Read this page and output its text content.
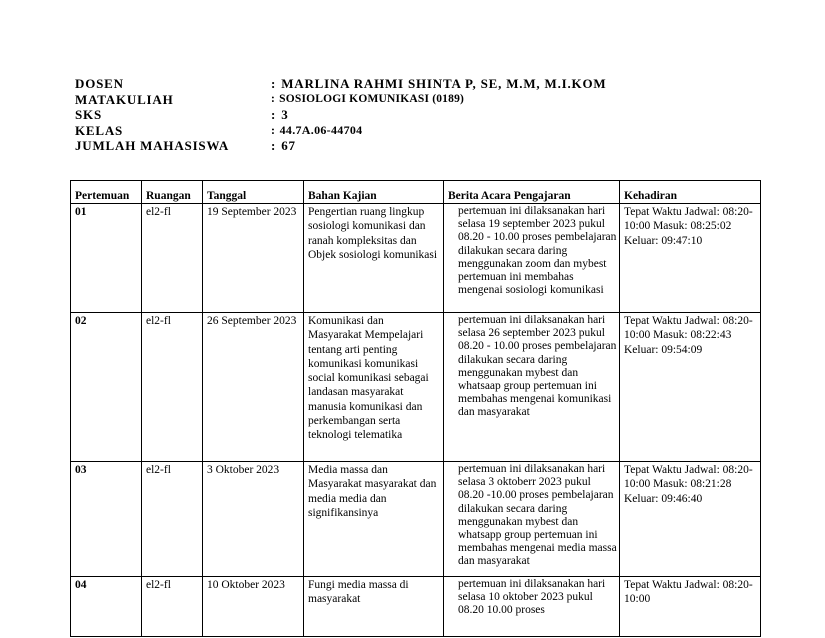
DOSEN	: MARLINA RAHMI SHINTA P, SE, M.M, M.I.KOM
MATAKULIAH	: SOSIOLOGI KOMUNIKASI (0189)
SKS	: 3
KELAS	: 44.7A.06-44704
JUMLAH MAHASISWA	: 67
Pertemuan	Ruangan	Tanggal	Bahan Kajian	Berita Acara Pengajaran	Kehadiran
01	el2-fl	19 September 2023	Pengertian ruang lingkup sosiologi komunikasi dan ranah kompleksitas dan Objek sosiologi komunikasi	pertemuan ini dilaksanakan hari selasa 19 september 2023 pukul 08.20 - 10.00 proses pembelajaran dilakukan secara daring menggunakan zoom dan mybest pertemuan ini membahas mengenai sosiologi komunikasi	Tepat Waktu Jadwal: 08:20-10:00 Masuk: 08:25:02 Keluar: 09:47:10
02	el2-fl	26 September 2023	Komunikasi dan Masyarakat Mempelajari tentang arti penting komunikasi komunikasi social komunikasi sebagai landasan masyarakat manusia komunikasi dan perkembangan serta teknologi telematika	pertemuan ini dilaksanakan hari selasa 26 september 2023 pukul 08.20 - 10.00 proses pembelajaran dilakukan secara daring menggunakan mybest dan whatsaap group pertemuan ini membahas mengenai komunikasi dan masyarakat	Tepat Waktu Jadwal: 08:20-10:00 Masuk: 08:22:43 Keluar: 09:54:09
03	el2-fl	3 Oktober 2023	Media massa dan Masyarakat masyarakat dan media media dan signifikansinya	pertemuan ini dilaksanakan hari selasa 3 oktoberr 2023 pukul 08.20 -10.00 proses pembelajaran dilakukan secara daring menggunakan mybest dan whatsapp group pertemuan ini membahas mengenai media massa dan masyarakat	Tepat Waktu Jadwal: 08:20-10:00 Masuk: 08:21:28 Keluar: 09:46:40
04	el2-fl	10 Oktober 2023	Fungi media massa di masyarakat	pertemuan ini dilaksanakan hari selasa 10 oktober 2023 pukul 08.20 10.00 proses	Tepat Waktu Jadwal: 08:20-10:00
